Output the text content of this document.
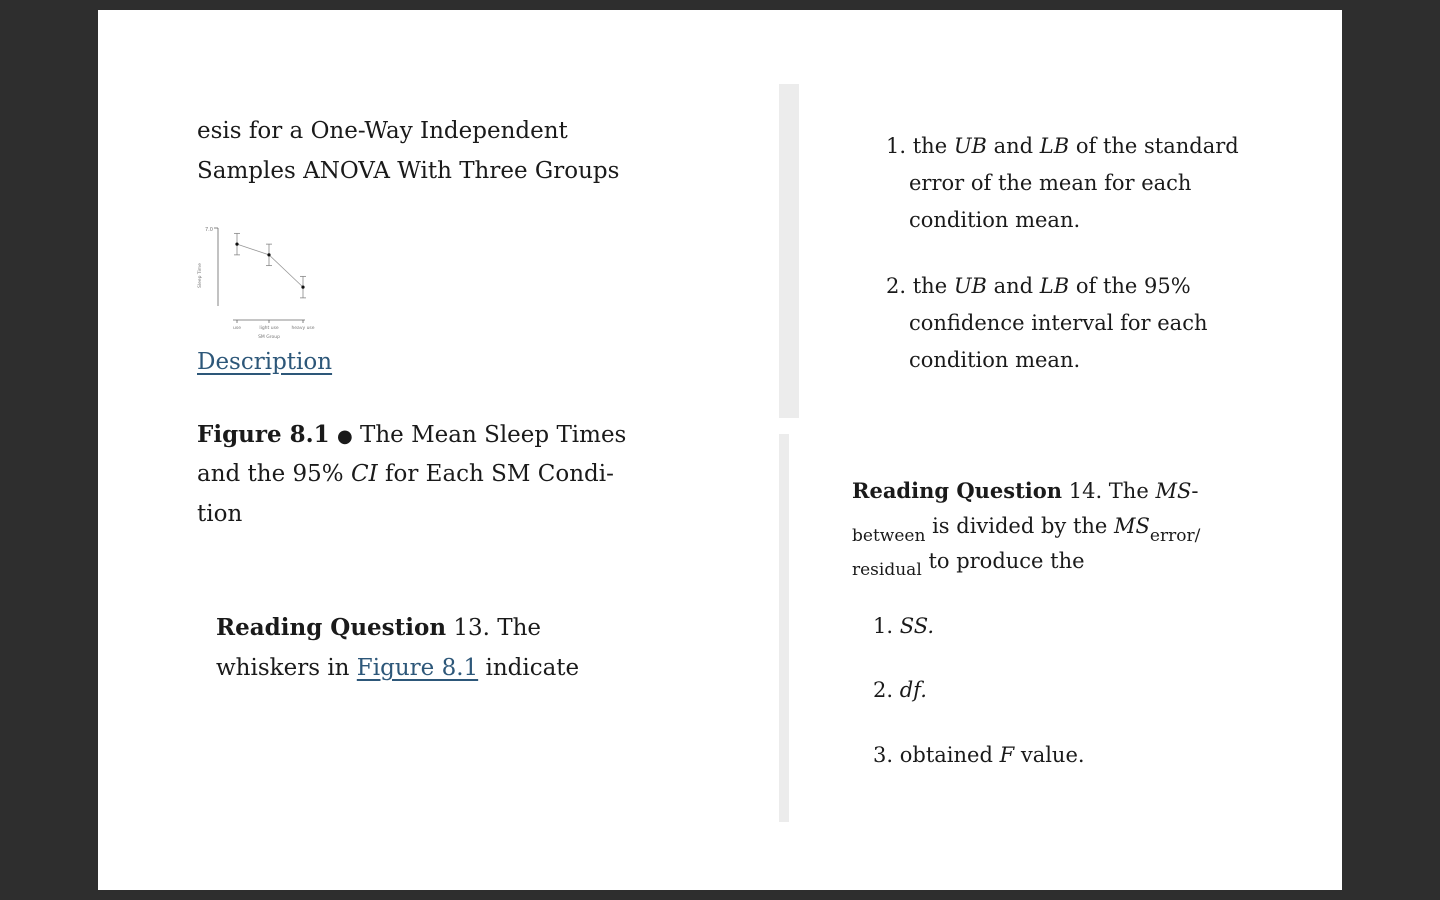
esis for a One-Way Independent
Samples ANOVA With Three Groups
7.0
Sleep Time
use	light use	heavy use
SM Group
Description
Figure 8.1 ● The Mean Sleep Times
and the 95% CI for Each SM Condi-
tion
Reading Question 13. The
whiskers in Figure 8.1 indicate
1. the UB and LB of the standard
error of the mean for each
condition mean.
2. the UB and LB of the 95%
confidence interval for each
condition mean.
Reading Question 14. The MS-
$_{between}$ is divided by the $MS_{error/}$
$_{residual}$ to produce the
1. SS.
2. df.
3. obtained F value.
